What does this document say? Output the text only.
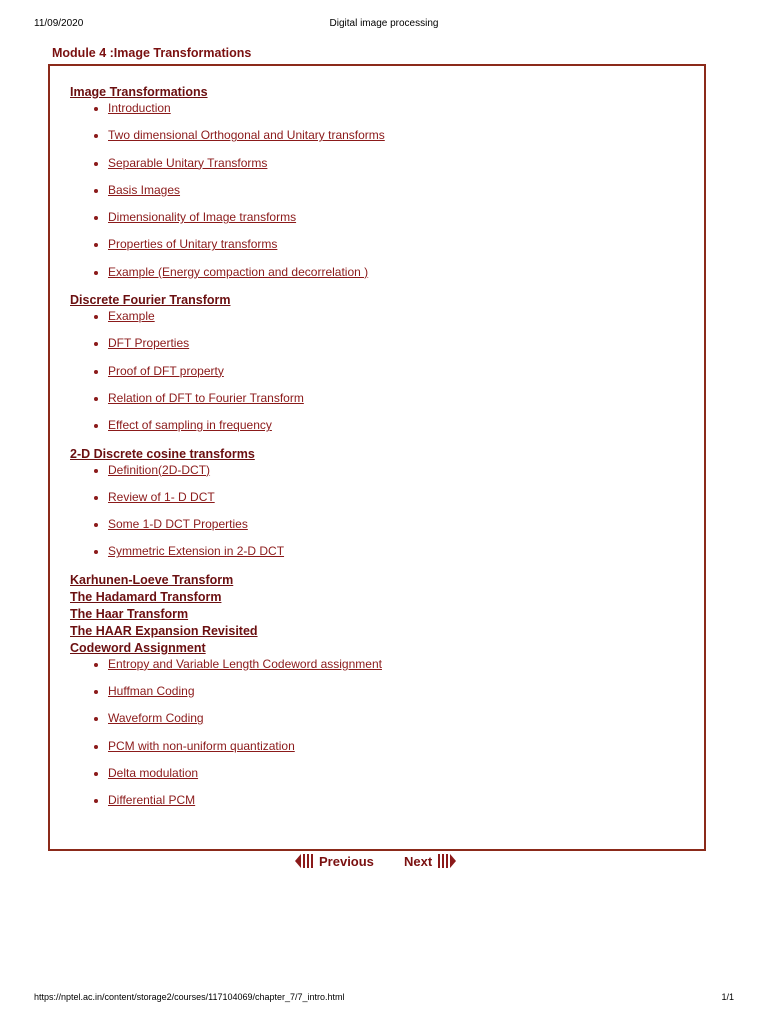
11/09/2020	Digital image processing
Module 4 :Image Transformations
Image Transformations
Introduction
Two dimensional Orthogonal and Unitary transforms
Separable Unitary Transforms
Basis Images
Dimensionality of Image transforms
Properties of Unitary transforms
Example (Energy compaction and decorrelation )
Discrete Fourier Transform
Example
DFT Properties
Proof of DFT property
Relation of DFT to Fourier Transform
Effect of sampling in frequency
2-D Discrete cosine transforms
Definition(2D-DCT)
Review of 1- D DCT
Some 1-D DCT Properties
Symmetric Extension in 2-D DCT
Karhunen-Loeve Transform
The Hadamard Transform
The Haar Transform
The HAAR Expansion Revisited
Codeword Assignment
Entropy and Variable Length Codeword assignment
Huffman Coding
Waveform Coding
PCM with non-uniform quantization
Delta modulation
Differential PCM
Previous Next
https://nptel.ac.in/content/storage2/courses/117104069/chapter_7/7_intro.html	1/1
